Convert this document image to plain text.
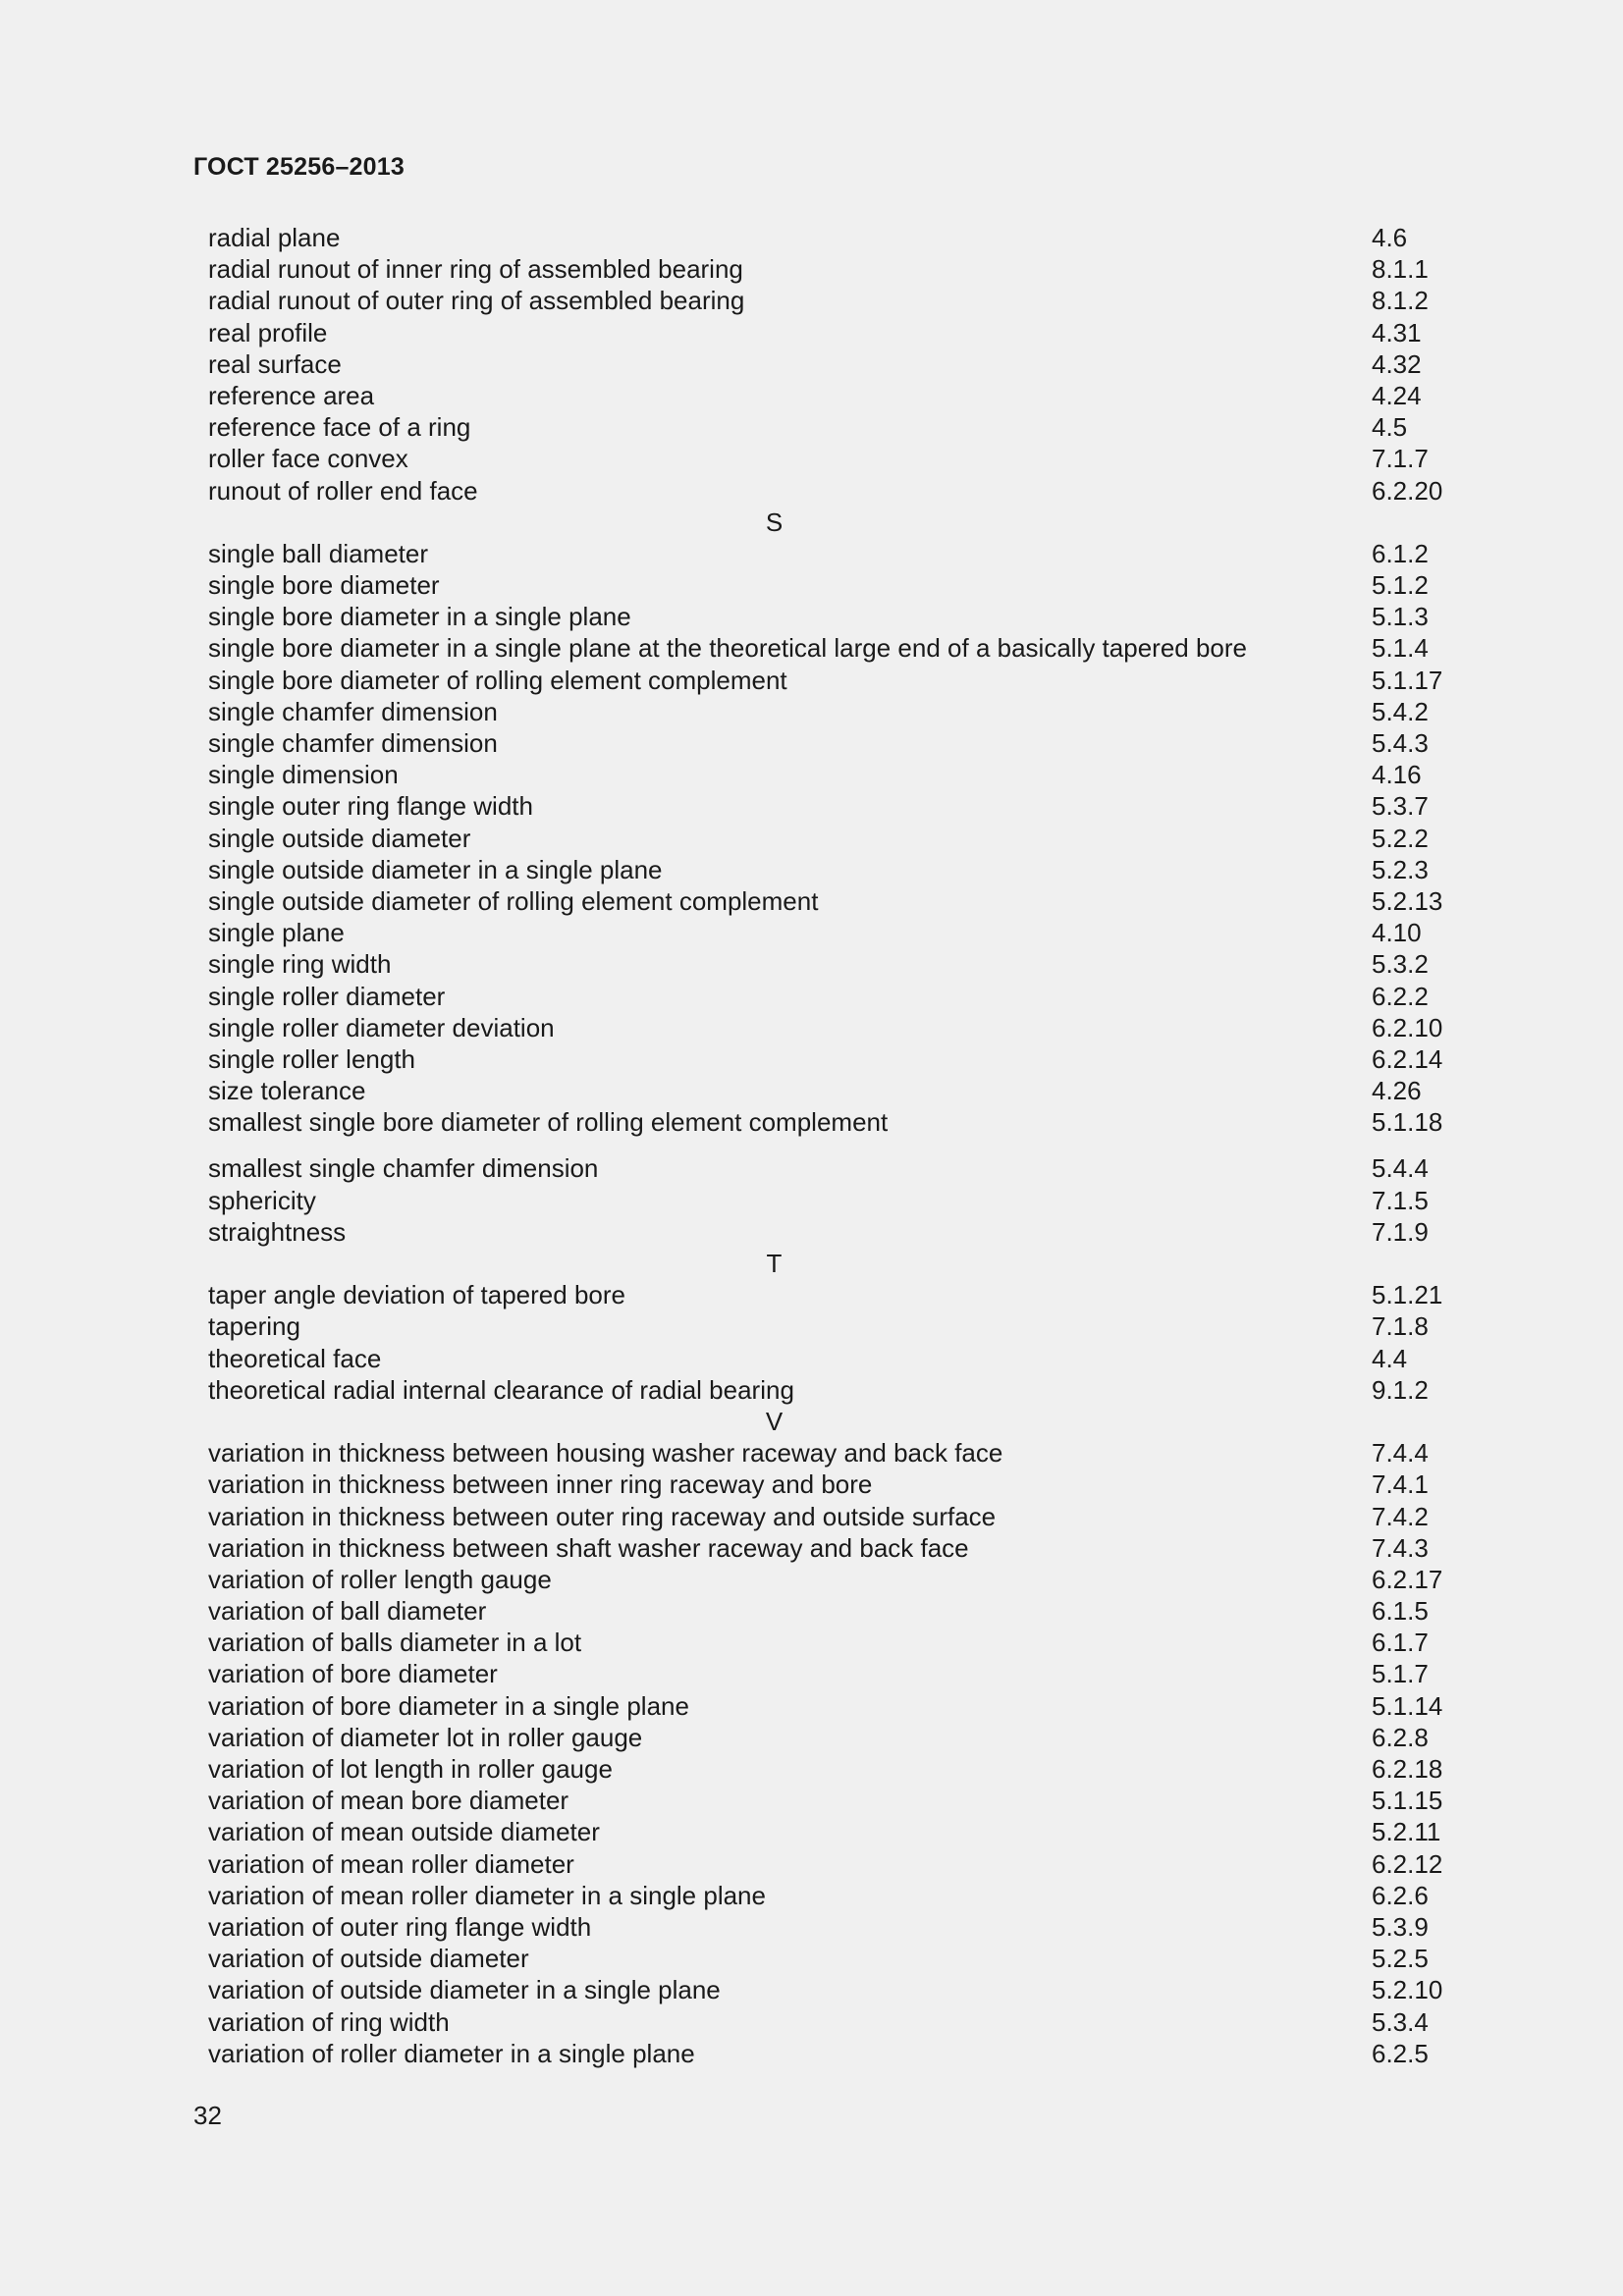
ГОСТ 25256–2013
radial plane	4.6
radial runout of inner ring of assembled bearing	8.1.1
radial runout of outer ring of assembled bearing	8.1.2
real profile	4.31
real surface	4.32
reference area	4.24
reference face of a ring	4.5
roller face convex	7.1.7
runout of roller end face	6.2.20
S
single ball diameter	6.1.2
single bore diameter	5.1.2
single bore diameter in a single plane	5.1.3
single bore diameter in a single plane at the theoretical large end of a basically tapered bore	5.1.4
single bore diameter of rolling element complement	5.1.17
single chamfer dimension	5.4.2
single chamfer dimension	5.4.3
single dimension	4.16
single outer ring flange width	5.3.7
single outside diameter	5.2.2
single outside diameter in a single plane	5.2.3
single outside diameter of rolling element complement	5.2.13
single plane	4.10
single ring width	5.3.2
single roller diameter	6.2.2
single roller diameter deviation	6.2.10
single roller length	6.2.14
size tolerance	4.26
smallest single bore diameter of rolling element complement	5.1.18
smallest single chamfer dimension	5.4.4
sphericity	7.1.5
straightness	7.1.9
T
taper angle deviation of tapered bore	5.1.21
tapering	7.1.8
theoretical face	4.4
theoretical radial internal clearance of radial bearing	9.1.2
V
variation in thickness between housing washer raceway and back face	7.4.4
variation in thickness between inner ring raceway and bore	7.4.1
variation in thickness between outer ring raceway and outside surface	7.4.2
variation in thickness between shaft washer raceway and back face	7.4.3
variation of roller length gauge	6.2.17
variation of ball diameter	6.1.5
variation of balls diameter in a lot	6.1.7
variation of bore diameter	5.1.7
variation of bore diameter in a single plane	5.1.14
variation of diameter lot in roller gauge	6.2.8
variation of lot length in roller gauge	6.2.18
variation of mean bore diameter	5.1.15
variation of mean outside diameter	5.2.11
variation of mean roller diameter	6.2.12
variation of mean roller diameter in a single plane	6.2.6
variation of outer ring flange width	5.3.9
variation of outside diameter	5.2.5
variation of outside diameter in a single plane	5.2.10
variation of ring width	5.3.4
variation of roller diameter in a single plane	6.2.5
32
